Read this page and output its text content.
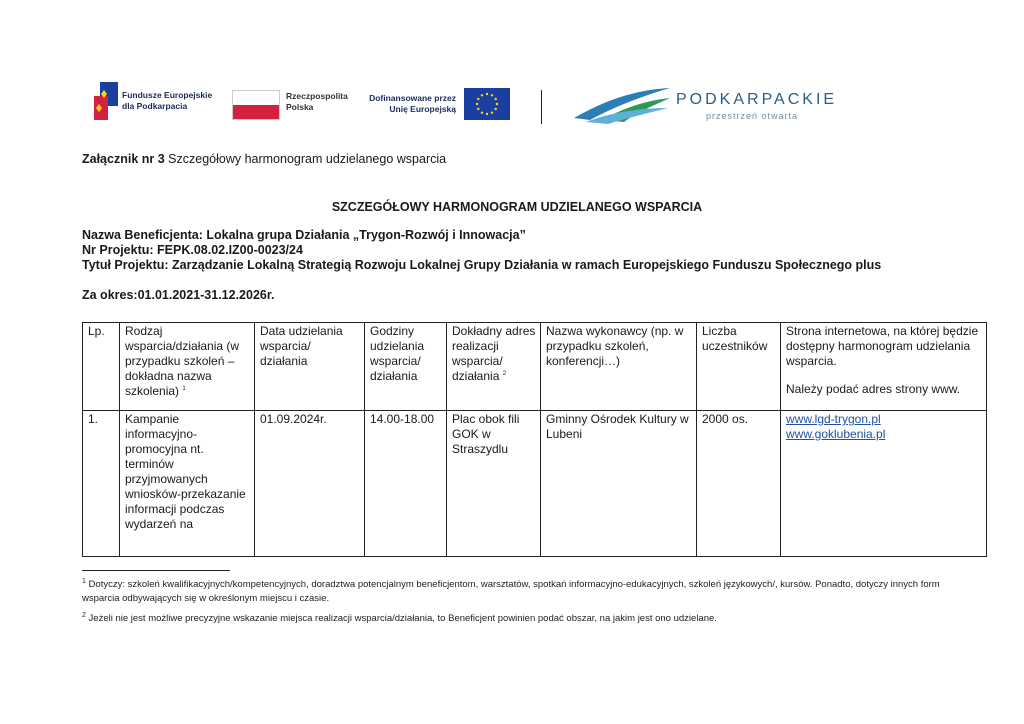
Fundusze Europejskie
dla Podkarpacia
Rzeczpospolita
Polska
Dofinansowane przez
Unię Europejską
PODKARPACKIE
przestrzeń otwarta
Załącznik nr 3 Szczegółowy harmonogram udzielanego wsparcia
SZCZEGÓŁOWY HARMONOGRAM UDZIELANEGO WSPARCIA
Nazwa Beneficjenta: Lokalna grupa Działania „Trygon-Rozwój i Innowacja”
Nr Projektu: FEPK.08.02.IZ00-0023/24
Tytuł Projektu: Zarządzanie Lokalną Strategią Rozwoju Lokalnej Grupy Działania w ramach Europejskiego Funduszu Społecznego plus
Za okres:01.01.2021-31.12.2026r.
Lp.	Rodzaj wsparcia/działania (w przypadku szkoleń – dokładna nazwa szkolenia) $^1$	Data udzielania wsparcia/ działania	Godziny udzielania wsparcia/ działania	Dokładny adres realizacji wsparcia/ działania $^2$	Nazwa wykonawcy (np. w przypadku szkoleń, konferencji…)	Liczba uczestników	Strona internetowa, na której będzie dostępny harmonogram udzielania wsparcia.
Należy podać adres strony www.

1.	Kampanie informacyjno-promocyjna nt. terminów przyjmowanych wniosków-przekazanie informacji podczas wydarzeń na	01.09.2024r.	14.00-18.00	Plac obok fili GOK w Straszydlu	Gminny Ośrodek Kultury w Lubeni	2000 os.	www.lgd-trygon.pl
www.goklubenia.pl
$^1$ Dotyczy: szkoleń kwalifikacyjnych/kompetencyjnych, doradztwa potencjalnym beneficjentom, warsztatów, spotkań informacyjno-edukacyjnych, szkoleń językowych/, kursów. Ponadto, dotyczy innych form wsparcia odbywających się w określonym miejscu i czasie.
$^2$ Jeżeli nie jest możliwe precyzyjne wskazanie miejsca realizacji wsparcia/działania, to Beneficjent powinien podać obszar, na jakim jest ono udzielane.
